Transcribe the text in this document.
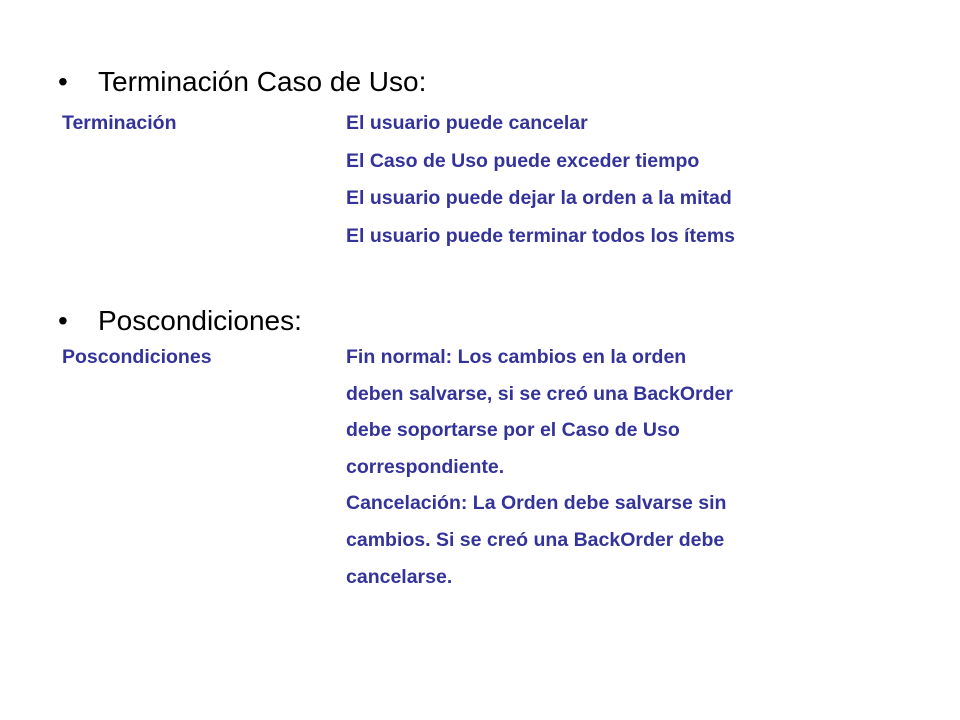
• Terminación Caso de Uso:
Terminación	El usuario puede cancelar
El Caso de Uso puede exceder tiempo
El usuario puede dejar la orden a la mitad
El usuario puede terminar todos los ítems
• Poscondiciones:
Poscondiciones	Fin normal: Los cambios en la orden
deben salvarse, si se creó una BackOrder
debe soportarse por el Caso de Uso
correspondiente.
Cancelación: La Orden debe salvarse sin
cambios. Si se creó una BackOrder debe
cancelarse.
